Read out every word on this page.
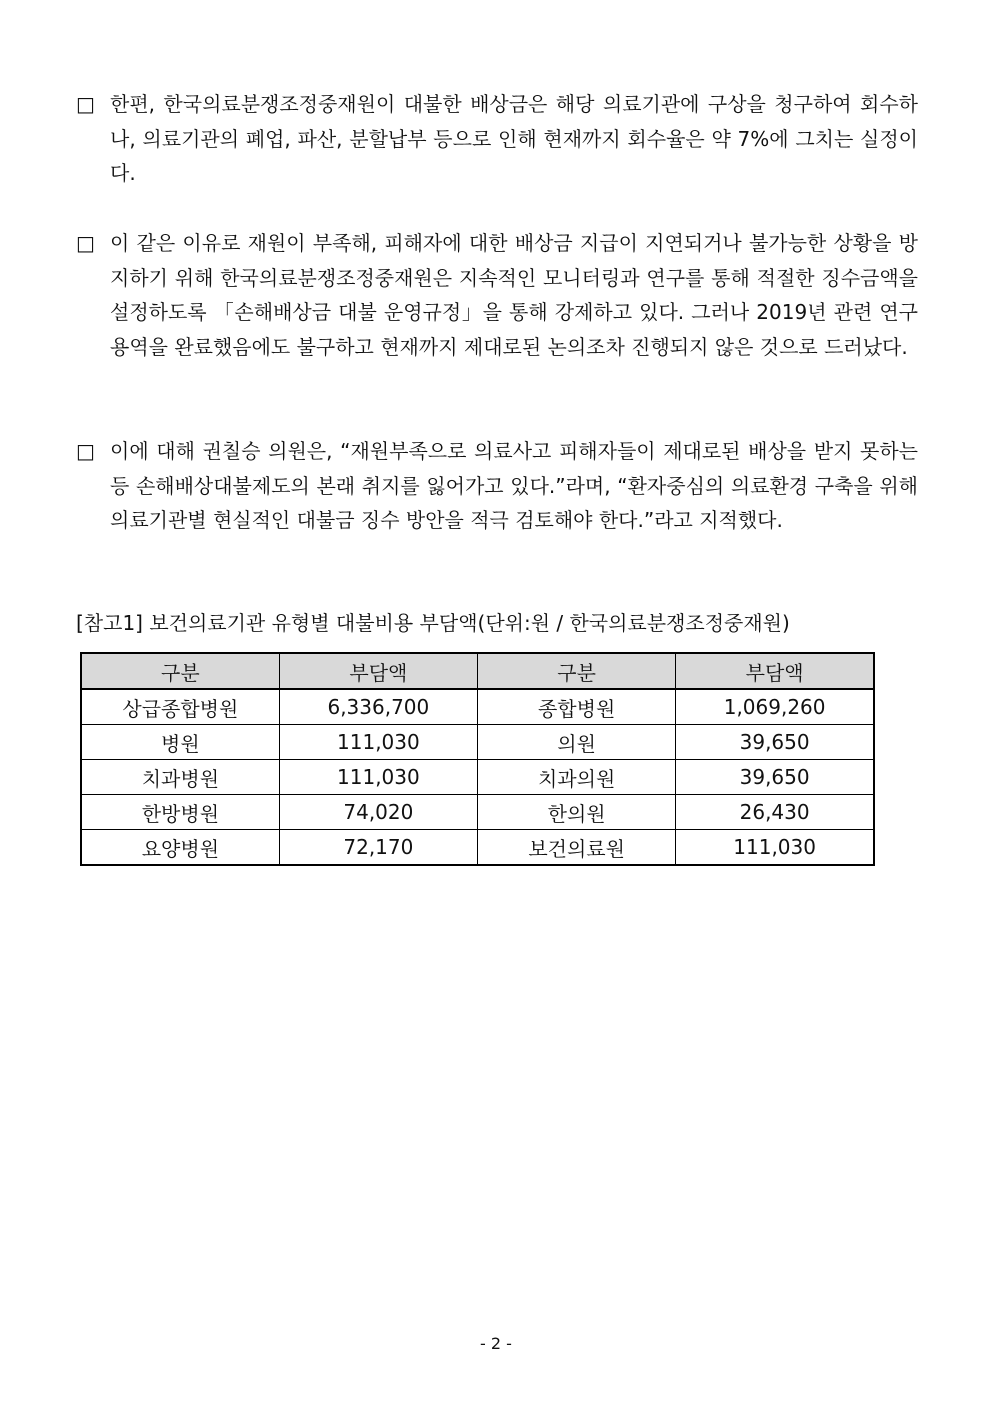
□ 한편, 한국의료분쟁조정중재원이 대불한 배상금은 해당 의료기관에 구상을 청구하여 회수하나, 의료기관의 폐업, 파산, 분할납부 등으로 인해 현재까지 회수율은 약 7%에 그치는 실정이다.
□ 이 같은 이유로 재원이 부족해, 피해자에 대한 배상금 지급이 지연되거나 불가능한 상황을 방지하기 위해 한국의료분쟁조정중재원은 지속적인 모니터링과 연구를 통해 적절한 징수금액을 설정하도록 「손해배상금 대불 운영규정」을 통해 강제하고 있다. 그러나 2019년 관련 연구용역을 완료했음에도 불구하고 현재까지 제대로된 논의조차 진행되지 않은 것으로 드러났다.
□ 이에 대해 권칠승 의원은, “재원부족으로 의료사고 피해자들이 제대로된 배상을 받지 못하는 등 손해배상대불제도의 본래 취지를 잃어가고 있다.”라며, “환자중심의 의료환경 구축을 위해 의료기관별 현실적인 대불금 징수 방안을 적극 검토해야 한다.”라고 지적했다.
[참고1] 보건의료기관 유형별 대불비용 부담액(단위:원 / 한국의료분쟁조정중재원)
구분	부담액	구분	부담액
상급종합병원	6,336,700	종합병원	1,069,260
병원	111,030	의원	39,650
치과병원	111,030	치과의원	39,650
한방병원	74,020	한의원	26,430
요양병원	72,170	보건의료원	111,030
- 2 -
